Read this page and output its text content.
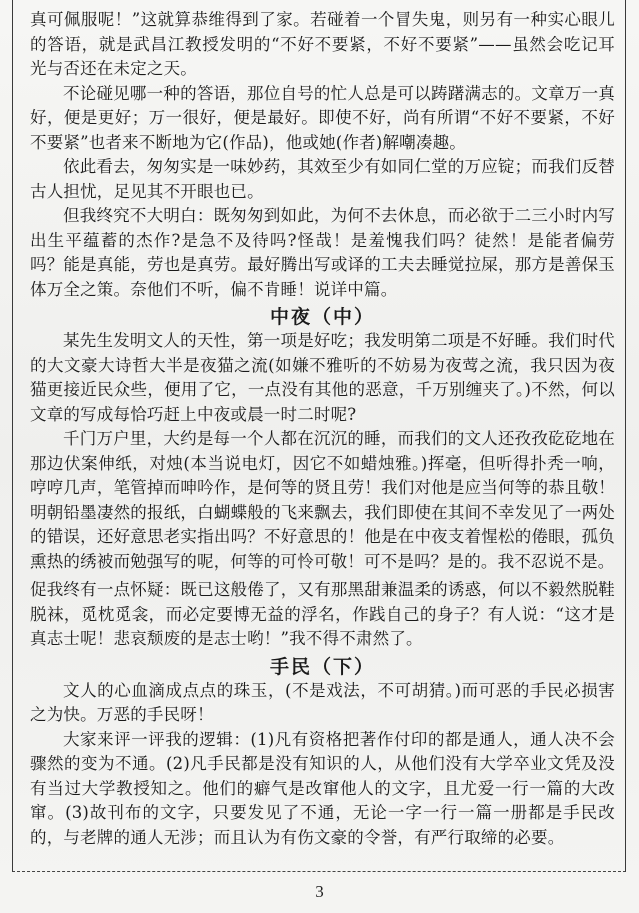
真可佩服呢！”这就算恭维得到了家。若碰着一个冒失鬼，则另有一种实心眼儿的答语，就是武昌江教授发明的“不好不要紧，不好不要紧”——虽然会吃记耳光与否还在未定之天。

不论碰见哪一种的答语，那位自号的忙人总是可以踌躇满志的。文章万一真好，便是更好；万一很好，便是最好。即使不好，尚有所谓“不好不要紧，不好不要紧”也者来不断地为它(作品)，他或她(作者)解嘲凑趣。

依此看去，匆匆实是一味妙药，其效至少有如同仁堂的万应锭；而我们反替古人担忧，足见其不开眼也已。

但我终究不大明白：既匆匆到如此，为何不去休息，而必欲于二三小时内写出生平蕴蓄的杰作?是急不及待吗?怪哉！是羞愧我们吗？徒然！是能者偏劳吗？能是真能，劳也是真劳。最好腾出写或译的工夫去睡觉拉屎，那方是善保玉体万全之策。奈他们不听，偏不肯睡！说详中篇。

中夜（中）

某先生发明文人的天性，第一项是好吃；我发明第二项是不好睡。我们时代的大文豪大诗哲大半是夜猫之流(如嫌不雅听的不妨易为夜莺之流，我只因为夜猫更接近民众些，便用了它，一点没有其他的恶意，千万别缠夹了。)不然，何以文章的写成每恰巧赶上中夜或晨一时二时呢?

千门万户里，大约是每一个人都在沉沉的睡，而我们的文人还孜孜矻矻地在那边伏案伸纸，对烛(本当说电灯，因它不如蜡烛雅。)挥毫，但听得扑秃一响，哼哼几声，笔管掉而呻吟作，是何等的贤且劳！我们对他是应当何等的恭且敬！明朝铅墨凄然的报纸，白蝴蝶般的飞来飘去，我们即使在其间不幸发见了一两处的错误，还好意思老实指出吗？不好意思的！他是在中夜支着惺松的倦眼，孤负熏热的绣被而勉强写的呢，何等的可怜可敬！可不是吗？是的。我不忍说不是。

促我终有一点怀疑：既已这般倦了，又有那黑甜兼温柔的诱惑，何以不毅然脱鞋脱袜，觅枕觅衾，而必定要博无益的浮名，作践自己的身子？有人说：“这才是真志士呢！悲哀颓废的是志士哟！”我不得不肃然了。

手民（下）

文人的心血滴成点点的珠玉，(不是戏法，不可胡猜。)而可恶的手民必损害之为快。万恶的手民呀！

大家来评一评我的逻辑：(1)凡有资格把著作付印的都是通人，通人决不会骤然的变为不通。(2)凡手民都是没有知识的人，从他们没有大学卒业文凭及没有当过大学教授知之。他们的癖气是改窜他人的文字，且尤爱一行一篇的大改窜。(3)故刊布的文字，只要发见了不通，无论一字一行一篇一册都是手民改的，与老牌的通人无涉；而且认为有伤文豪的令誉，有严行取缔的必要。

3
